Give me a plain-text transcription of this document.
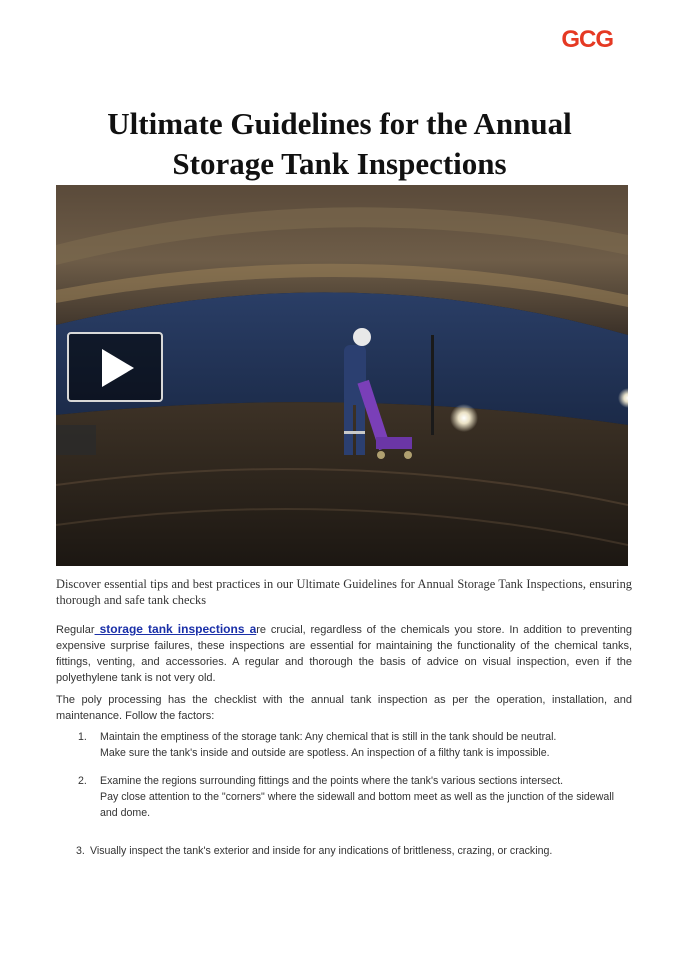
GCG
Ultimate Guidelines for the Annual
Storage Tank Inspections

Discover essential tips and best practices in our Ultimate Guidelines for Annual Storage Tank Inspections, ensuring thorough and safe tank checks

Regular storage tank inspections are crucial, regardless of the chemicals you store. In addition to preventing expensive surprise failures, these inspections are essential for maintaining the functionality of the chemical tanks, fittings, venting, and accessories. A regular and thorough the basis of advice on visual inspection, even if the polyethylene tank is not very old.

The poly processing has the checklist with the annual tank inspection as per the operation, installation, and maintenance. Follow the factors:

1.	Maintain the emptiness of the storage tank: Any chemical that is still in the tank should be neutral.
Make sure the tank's inside and outside are spotless. An inspection of a filthy tank is impossible.
2.	Examine the regions surrounding fittings and the points where the tank's various sections intersect.
Pay close attention to the "corners" where the sidewall and bottom meet as well as the junction of the sidewall and dome.
3. Visually inspect the tank's exterior and inside for any indications of brittleness, crazing, or cracking.
